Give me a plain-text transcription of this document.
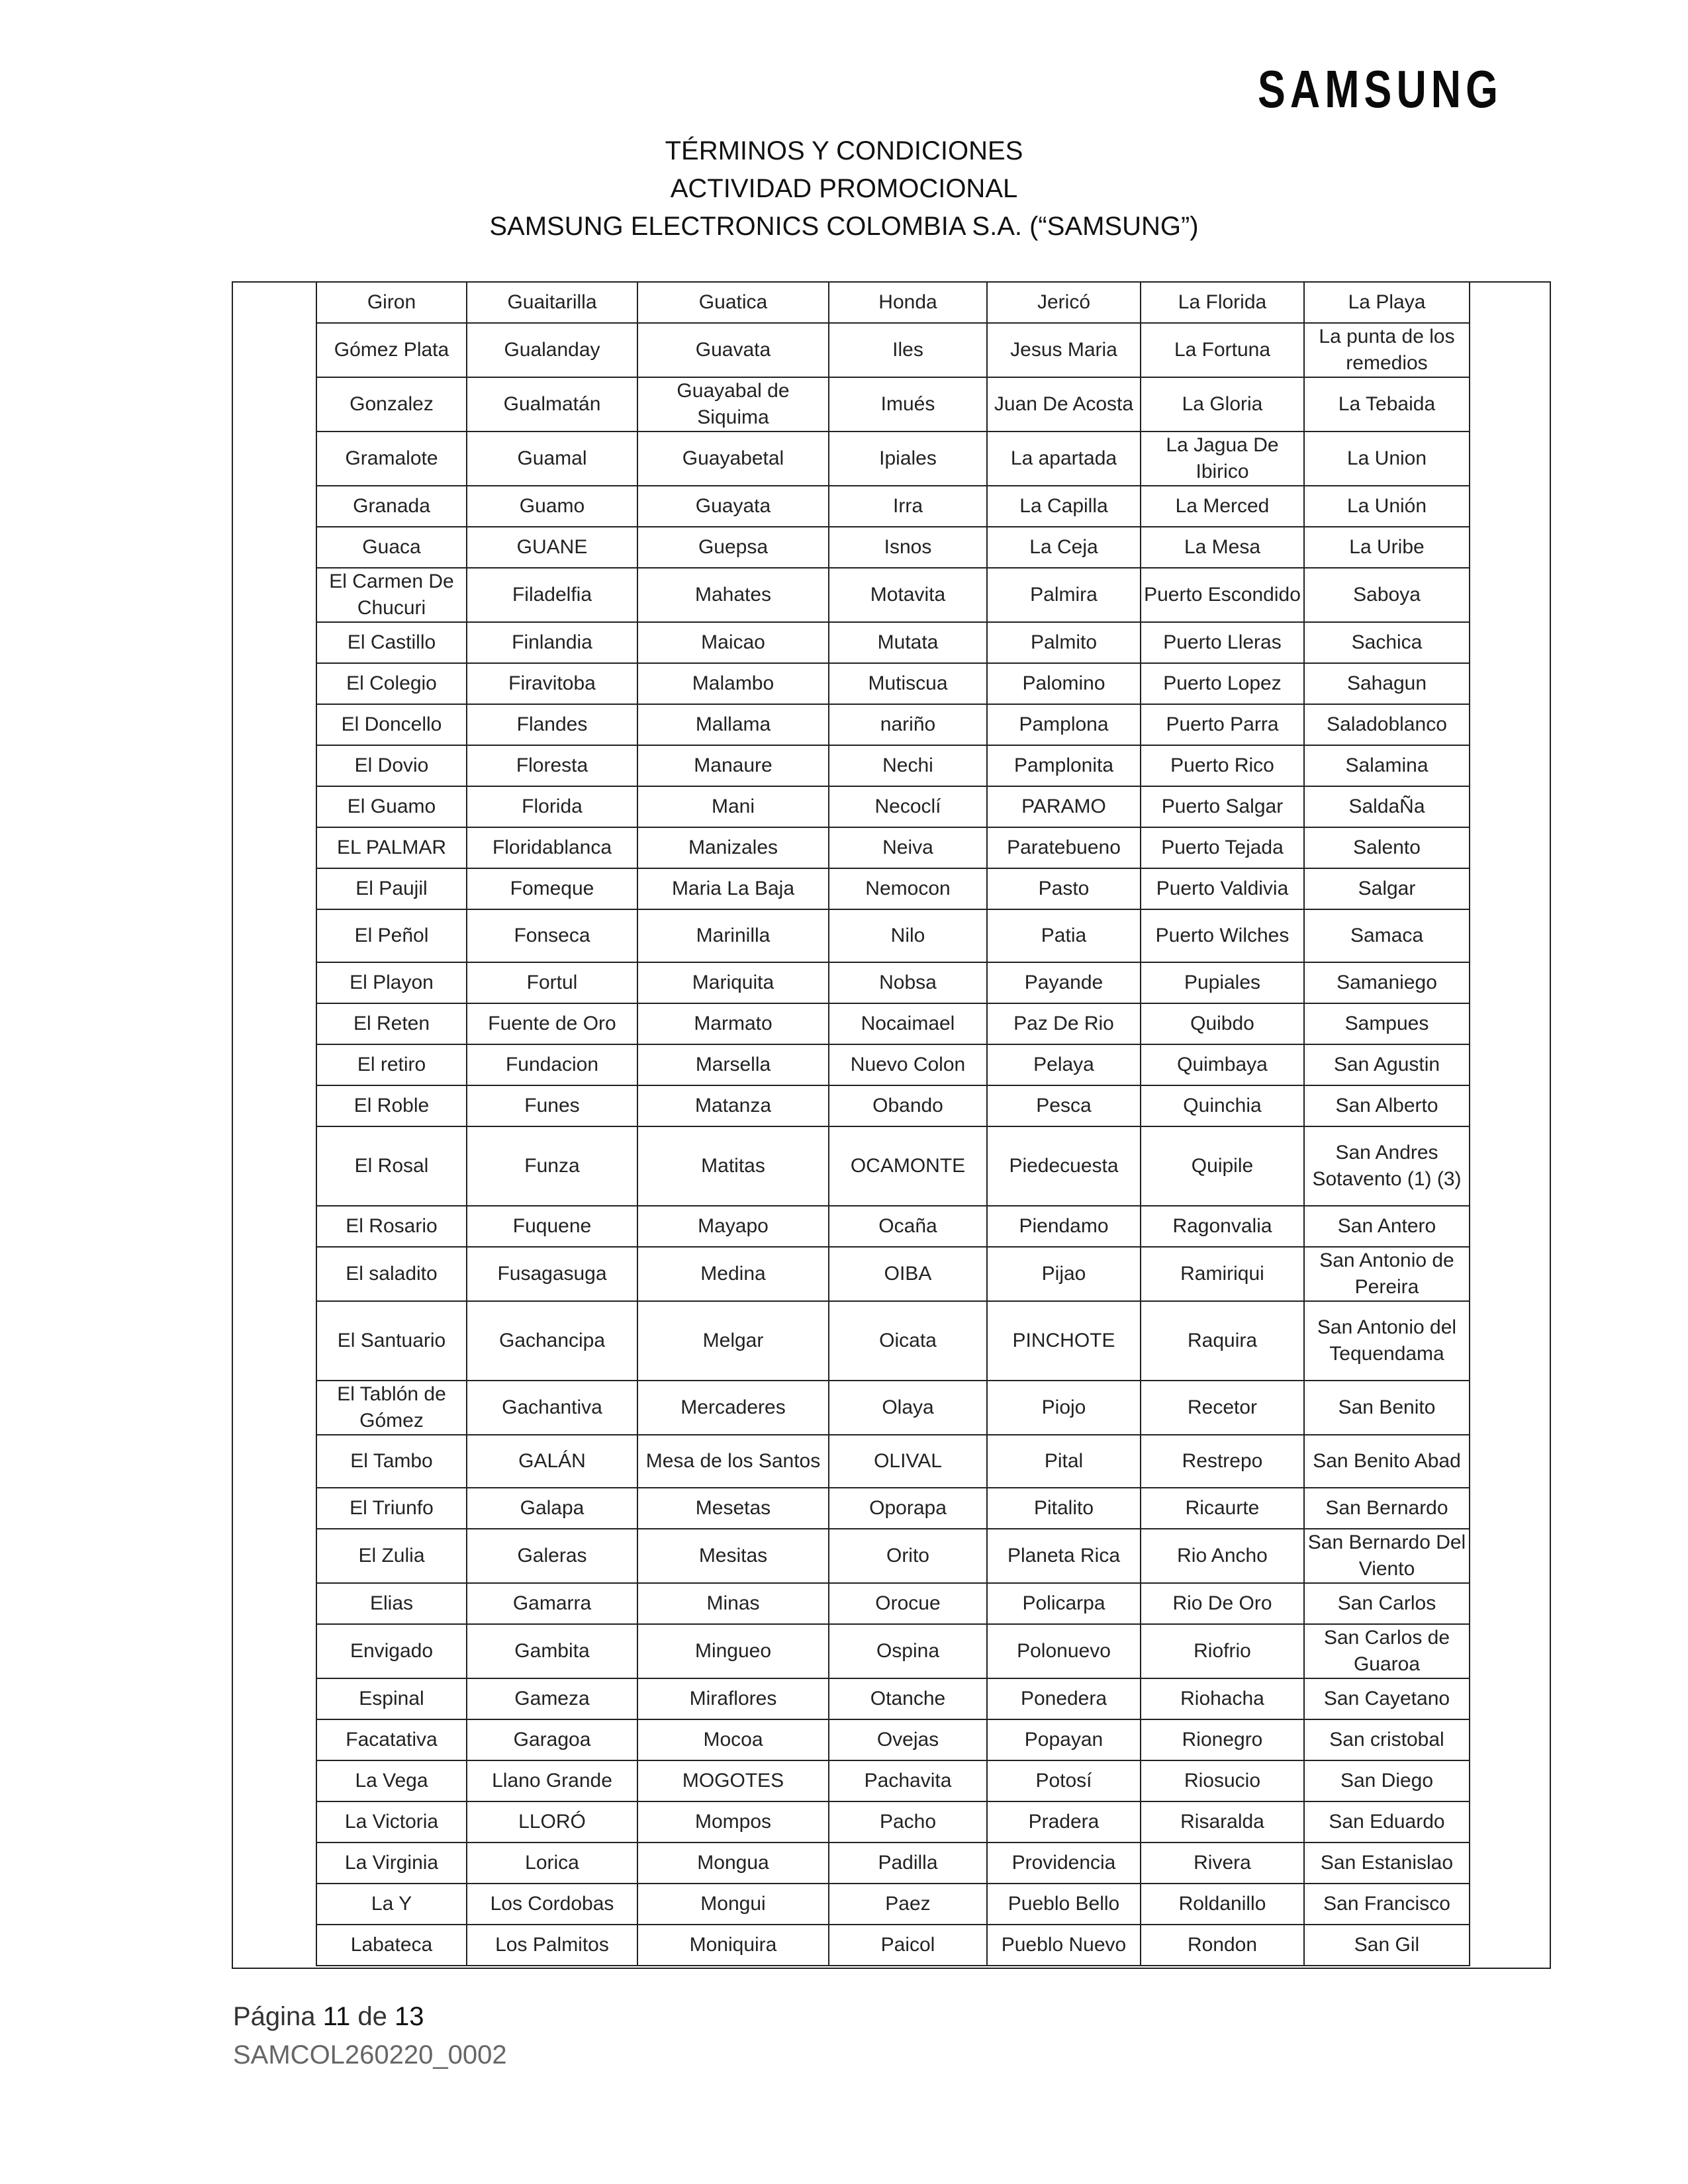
SAMSUNG
TÉRMINOS Y CONDICIONES
ACTIVIDAD PROMOCIONAL
SAMSUNG ELECTRONICS COLOMBIA S.A. (“SAMSUNG”)
Giron	Guaitarilla	Guatica	Honda	Jericó	La Florida	La Playa
Gómez Plata	Gualanday	Guavata	Iles	Jesus Maria	La Fortuna	La punta de los remedios
Gonzalez	Gualmatán	Guayabal de Siquima	Imués	Juan De Acosta	La Gloria	La Tebaida
Gramalote	Guamal	Guayabetal	Ipiales	La apartada	La Jagua De Ibirico	La Union
Granada	Guamo	Guayata	Irra	La Capilla	La Merced	La Unión
Guaca	GUANE	Guepsa	Isnos	La Ceja	La Mesa	La Uribe
El Carmen De Chucuri	Filadelfia	Mahates	Motavita	Palmira	Puerto Escondido	Saboya
El Castillo	Finlandia	Maicao	Mutata	Palmito	Puerto Lleras	Sachica
El Colegio	Firavitoba	Malambo	Mutiscua	Palomino	Puerto Lopez	Sahagun
El Doncello	Flandes	Mallama	nariño	Pamplona	Puerto Parra	Saladoblanco
El Dovio	Floresta	Manaure	Nechi	Pamplonita	Puerto Rico	Salamina
El Guamo	Florida	Mani	Necoclí	PARAMO	Puerto Salgar	SaldaÑa
EL PALMAR	Floridablanca	Manizales	Neiva	Paratebueno	Puerto Tejada	Salento
El Paujil	Fomeque	Maria La Baja	Nemocon	Pasto	Puerto Valdivia	Salgar
El Peñol	Fonseca	Marinilla	Nilo	Patia	Puerto Wilches	Samaca
El Playon	Fortul	Mariquita	Nobsa	Payande	Pupiales	Samaniego
El Reten	Fuente de Oro	Marmato	Nocaimael	Paz De Rio	Quibdo	Sampues
El retiro	Fundacion	Marsella	Nuevo Colon	Pelaya	Quimbaya	San Agustin
El Roble	Funes	Matanza	Obando	Pesca	Quinchia	San Alberto
El Rosal	Funza	Matitas	OCAMONTE	Piedecuesta	Quipile	San Andres Sotavento (1) (3)
El Rosario	Fuquene	Mayapo	Ocaña	Piendamo	Ragonvalia	San Antero
El saladito	Fusagasuga	Medina	OIBA	Pijao	Ramiriqui	San Antonio de Pereira
El Santuario	Gachancipa	Melgar	Oicata	PINCHOTE	Raquira	San Antonio del Tequendama
El Tablón de Gómez	Gachantiva	Mercaderes	Olaya	Piojo	Recetor	San Benito
El Tambo	GALÁN	Mesa de los Santos	OLIVAL	Pital	Restrepo	San Benito Abad
El Triunfo	Galapa	Mesetas	Oporapa	Pitalito	Ricaurte	San Bernardo
El Zulia	Galeras	Mesitas	Orito	Planeta Rica	Rio Ancho	San Bernardo Del Viento
Elias	Gamarra	Minas	Orocue	Policarpa	Rio De Oro	San Carlos
Envigado	Gambita	Mingueo	Ospina	Polonuevo	Riofrio	San Carlos de Guaroa
Espinal	Gameza	Miraflores	Otanche	Ponedera	Riohacha	San Cayetano
Facatativa	Garagoa	Mocoa	Ovejas	Popayan	Rionegro	San cristobal
La Vega	Llano Grande	MOGOTES	Pachavita	Potosí	Riosucio	San Diego
La Victoria	LLORÓ	Mompos	Pacho	Pradera	Risaralda	San Eduardo
La Virginia	Lorica	Mongua	Padilla	Providencia	Rivera	San Estanislao
La Y	Los Cordobas	Mongui	Paez	Pueblo Bello	Roldanillo	San Francisco
Labateca	Los Palmitos	Moniquira	Paicol	Pueblo Nuevo	Rondon	San Gil
Página 11 de 13
SAMCOL260220_0002
